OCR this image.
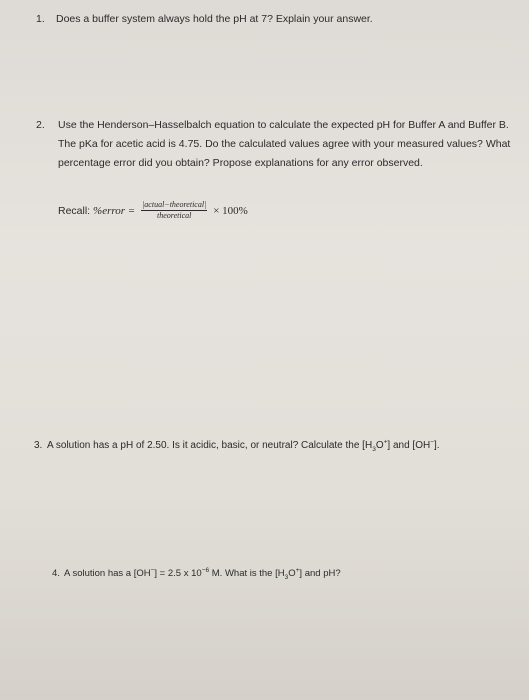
1. Does a buffer system always hold the pH at 7? Explain your answer.
2. Use the Henderson–Hasselbalch equation to calculate the expected pH for Buffer A and Buffer B. The pKa for acetic acid is 4.75. Do the calculated values agree with your measured values? What percentage error did you obtain? Propose explanations for any error observed.
Recall: %error = $\frac{\text{|actual−theoretical|}}{\text{theoretical}} \times 100\%$
3. A solution has a pH of 2.50. Is it acidic, basic, or neutral? Calculate the $[H_3O^+]$ and [OH−].
4. A solution has a [OH−] = 2.5 x $10^{-6}$ M. What is the $[H_3O^+]$ and pH?
